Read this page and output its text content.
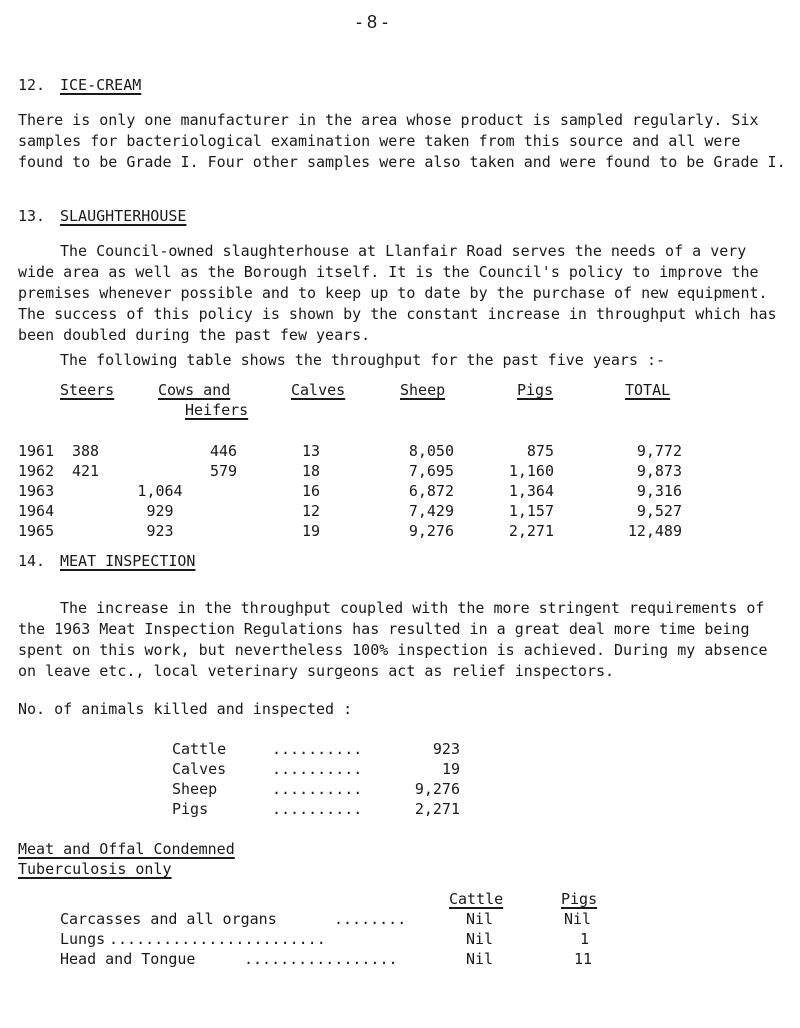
- 8 -
12. ICE-CREAM
There is only one manufacturer in the area whose product is sampled regularly. Six samples for bacteriological examination were taken from this source and all were found to be Grade I. Four other samples were also taken and were found to be Grade I.
13. SLAUGHTERHOUSE
The Council-owned slaughterhouse at Llanfair Road serves the needs of a very wide area as well as the Borough itself. It is the Council's policy to improve the premises whenever possible and to keep up to date by the purchase of new equipment. The success of this policy is shown by the constant increase in throughput which has been doubled during the past few years.
The following table shows the throughput for the past five years :-
Steers	Cows and
Heifers
Calves	Sheep	Pigs	TOTAL
1961 388	446	13	8,050	875	9,772
1962 421	579	18	7,695	1,160	9,873
1963	1,064	16	6,872	1,364	9,316
1964	929	12	7,429	1,157	9,527
1965	923	19	9,276	2,271	12,489
14. MEAT INSPECTION
The increase in the throughput coupled with the more stringent requirements of the 1963 Meat Inspection Regulations has resulted in a great deal more time being spent on this work, but nevertheless 100% inspection is achieved. During my absence on leave etc., local veterinary surgeons act as relief inspectors.
No. of animals killed and inspected :
Cattle	..........	923
Calves	..........	19
Sheep	..........	9,276
Pigs	..........	2,271
Meat and Offal Condemned
Tuberculosis only
Cattle	Pigs
Carcasses and all organs	........	Nil	Nil
Lungs ........................	Nil	1
Head and Tongue	.................	Nil	11
